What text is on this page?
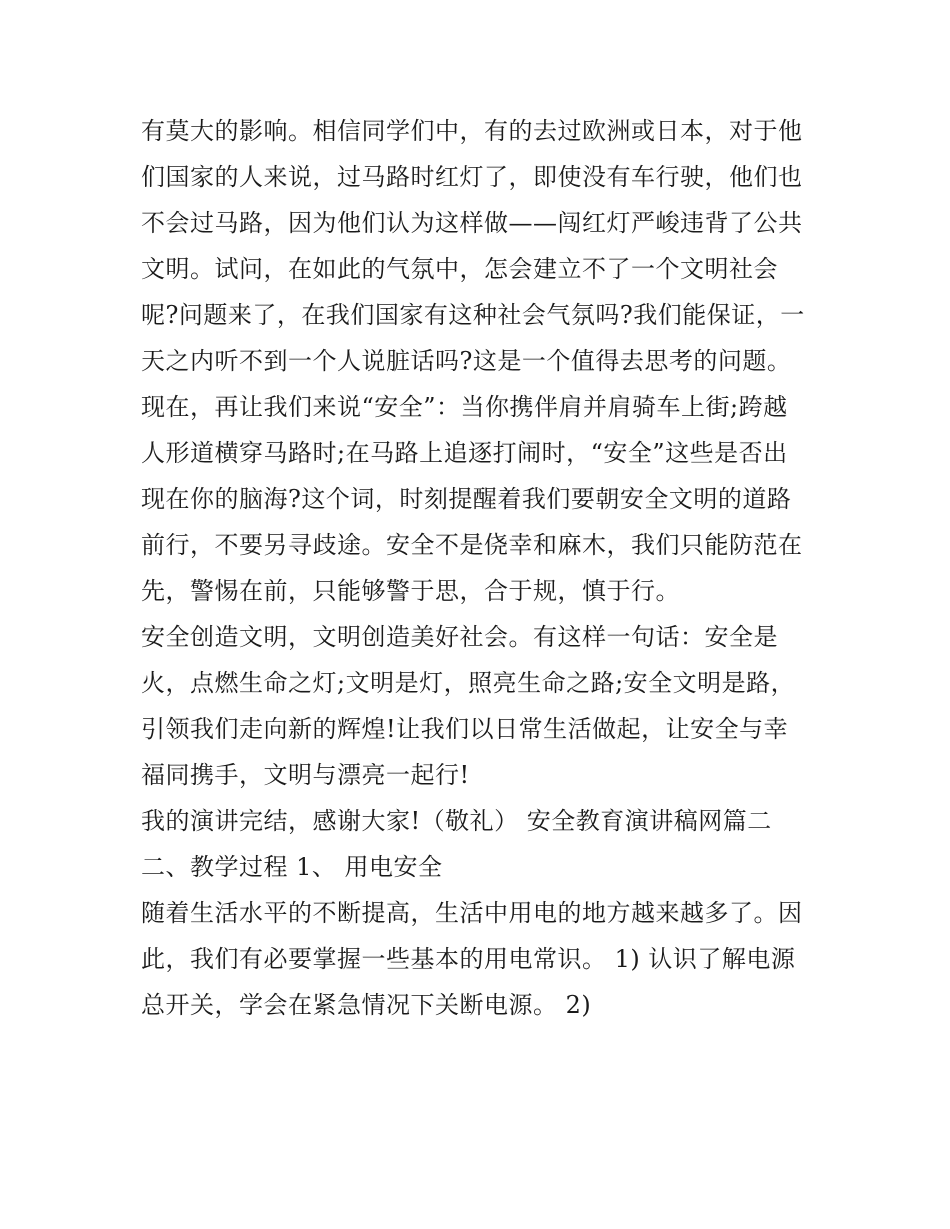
有莫大的影响。相信同学们中，有的去过欧洲或日本，对于他
们国家的人来说，过马路时红灯了，即使没有车行驶，他们也
不会过马路，因为他们认为这样做——闯红灯严峻违背了公共
文明。试问，在如此的气氛中，怎会建立不了一个文明社会
呢?问题来了，在我们国家有这种社会气氛吗?我们能保证，一
天之内听不到一个人说脏话吗?这是一个值得去思考的问题。
现在，再让我们来说“安全”：当你携伴肩并肩骑车上街;跨越
人形道横穿马路时;在马路上追逐打闹时，“安全”这些是否出
现在你的脑海?这个词，时刻提醒着我们要朝安全文明的道路
前行，不要另寻歧途。安全不是侥幸和麻木，我们只能防范在
先，警惕在前，只能够警于思，合于规，慎于行。
安全创造文明，文明创造美好社会。有这样一句话：安全是
火，点燃生命之灯;文明是灯，照亮生命之路;安全文明是路，
引领我们走向新的辉煌!让我们以日常生活做起，让安全与幸
福同携手，文明与漂亮一起行!
我的演讲完结，感谢大家!（敬礼） 安全教育演讲稿网篇二
二、教学过程 1、 用电安全
随着生活水平的不断提高，生活中用电的地方越来越多了。因
此，我们有必要掌握一些基本的用电常识。 1) 认识了解电源
总开关，学会在紧急情况下关断电源。 2)
